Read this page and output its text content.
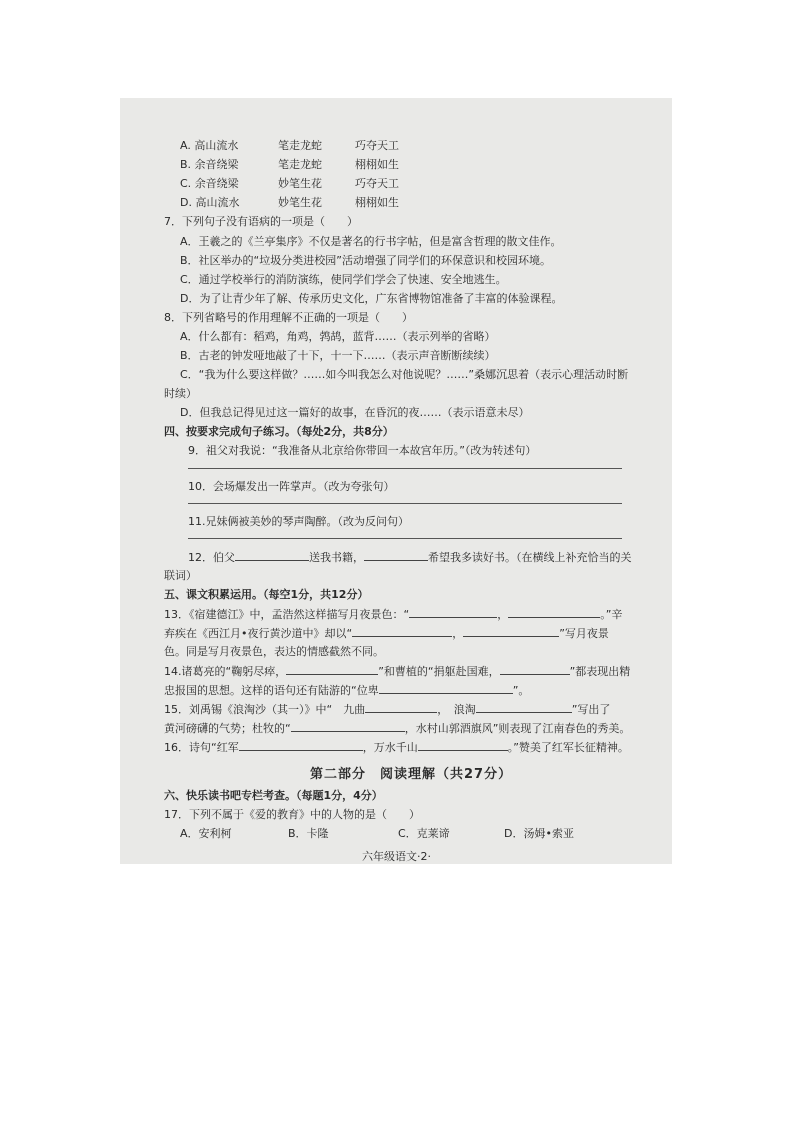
A. 高山流水	笔走龙蛇	巧夺天工
B. 余音绕梁	笔走龙蛇	栩栩如生
C. 余音绕梁	妙笔生花	巧夺天工
D. 高山流水	妙笔生花	栩栩如生
7．下列句子没有语病的一项是（　　）
A．王羲之的《兰亭集序》不仅是著名的行书字帖，但是富含哲理的散文佳作。
B．社区举办的“垃圾分类进校园”活动增强了同学们的环保意识和校园环境。
C．通过学校举行的消防演练，使同学们学会了快速、安全地逃生。
D．为了让青少年了解、传承历史文化，广东省博物馆准备了丰富的体验课程。
8．下列省略号的作用理解不正确的一项是（　　）
A．什么都有：稻鸡，角鸡，鹁鸪，蓝背……（表示列举的省略）
B．古老的钟发哑地敲了十下，十一下……（表示声音断断续续）
C．“我为什么要这样做？……如今叫我怎么对他说呢？……”桑娜沉思着（表示心理活动时断
时续）
D．但我总记得见过这一篇好的故事，在昏沉的夜……（表示语意未尽）
四、按要求完成句子练习。（每处2分，共8分）
9．祖父对我说：“我准备从北京给你带回一本故宫年历。”（改为转述句）
10．会场爆发出一阵掌声。（改为夸张句）
11.兄妹俩被美妙的琴声陶醉。（改为反问句）
12．伯父	送我书籍，	希望我多读好书。（在横线上补充恰当的关
联词）
五、课文积累运用。（每空1分，共12分）
13．《宿建德江》中，孟浩然这样描写月夜景色：“	，	。”辛
弃疾在《西江月•夜行黄沙道中》却以“	，	”写月夜景
色。同是写月夜景色，表达的情感截然不同。
14.诸葛亮的“鞠躬尽瘁，	”和曹植的“捐躯赴国难，	”都表现出精
忠报国的思想。这样的语句还有陆游的“位卑	”。
15．刘禹锡《浪淘沙（其一）》中“　九曲	，　浪淘	”写出了
黄河磅礴的气势；杜牧的“	，水村山郭酒旗风”则表现了江南春色的秀美。
16．诗句“红军	，万水千山	。”赞美了红军长征精神。
第二部分　阅读理解（共27分）
六、快乐读书吧专栏考查。（每题1分，4分）
17．下列不属于《爱的教育》中的人物的是（　　）
A．安利柯	B．卡隆	C．克莱谛	D．汤姆•索亚
六年级语文·2·
